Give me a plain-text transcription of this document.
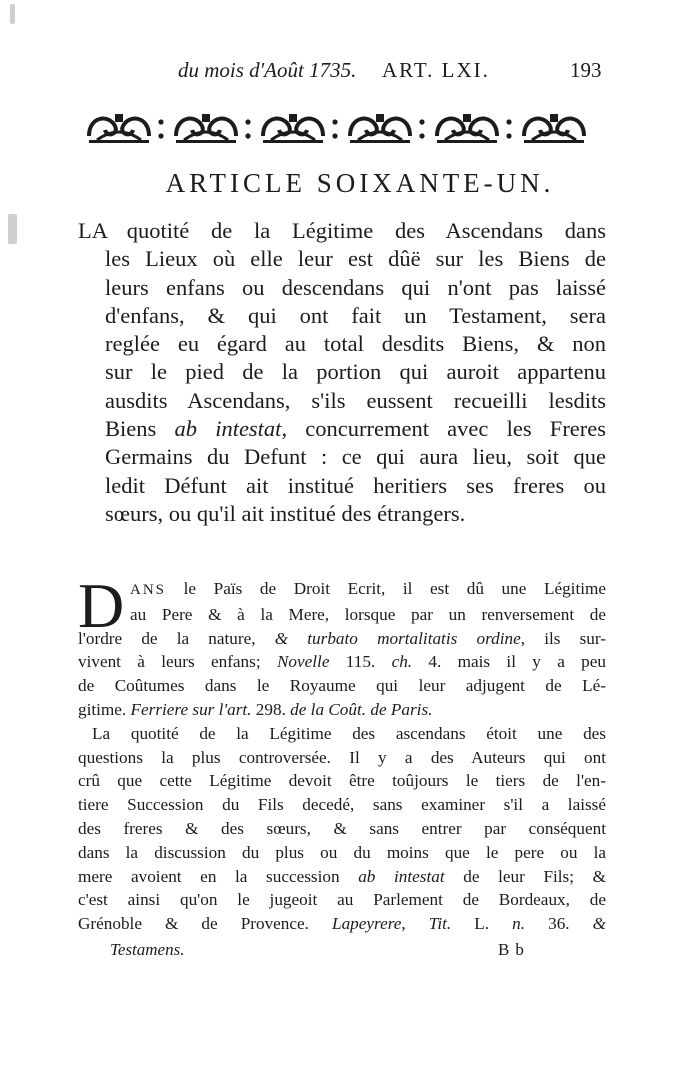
du mois d'Août 1735. ART. LXI.	193
ARTICLE SOIXANTE-UN.
LA quotité de la Légitime des Ascendans dans
les Lieux où elle leur est dûë sur les Biens de
leurs enfans ou descendans qui n'ont pas laissé
d'enfans, & qui ont fait un Testament, sera
reglée eu égard au total desdits Biens, & non
sur le pied de la portion qui auroit appartenu
ausdits Ascendans, s'ils eussent recueilli lesdits
Biens ab intestat, concurrement avec les Freres
Germains du Defunt : ce qui aura lieu, soit que
ledit Défunt ait institué heritiers ses freres ou
sœurs, ou qu'il ait institué des étrangers.
D ANS le Païs de Droit Ecrit, il est dû une Légitime
au Pere & à la Mere, lorsque par un renversement de
l'ordre de la nature, & turbato mortalitatis ordine, ils sur-
vivent à leurs enfans; Novelle 115. ch. 4. mais il y a peu
de Coûtumes dans le Royaume qui leur adjugent de Lé-
gitime. Ferriere sur l'art. 298. de la Coût. de Paris.
La quotité de la Légitime des ascendans étoit une des
questions la plus controversée. Il y a des Auteurs qui ont
crû que cette Légitime devoit être toûjours le tiers de l'en-
tiere Succession du Fils decedé, sans examiner s'il a laissé
des freres & des sœurs, & sans entrer par conséquent
dans la discussion du plus ou du moins que le pere ou la
mere avoient en la succession ab intestat de leur Fils; &
c'est ainsi qu'on le jugeoit au Parlement de Bordeaux, de
Grénoble & de Provence. Lapeyrere, Tit. L. n. 36. &
Testamens.	Bb
